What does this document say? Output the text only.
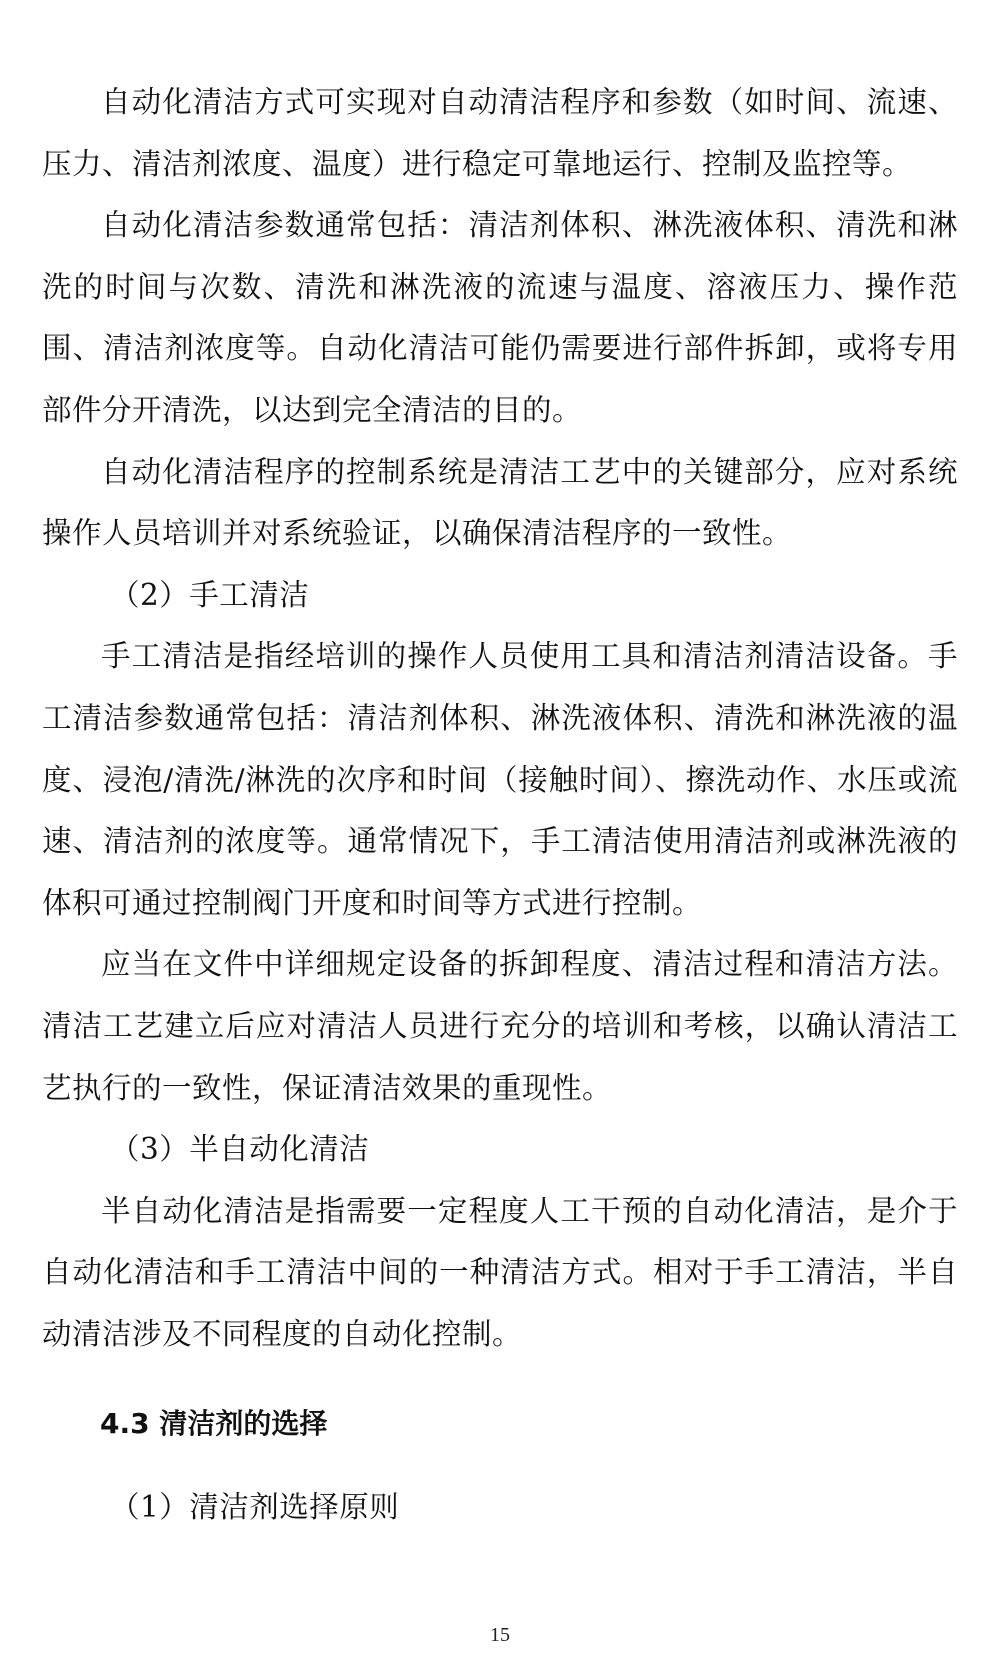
自动化清洁方式可实现对自动清洁程序和参数（如时间、流速、压力、清洁剂浓度、温度）进行稳定可靠地运行、控制及监控等。

自动化清洁参数通常包括：清洁剂体积、淋洗液体积、清洗和淋洗的时间与次数、清洗和淋洗液的流速与温度、溶液压力、操作范围、清洁剂浓度等。自动化清洁可能仍需要进行部件拆卸，或将专用部件分开清洗，以达到完全清洁的目的。

自动化清洁程序的控制系统是清洁工艺中的关键部分，应对系统操作人员培训并对系统验证，以确保清洁程序的一致性。

（2）手工清洁

手工清洁是指经培训的操作人员使用工具和清洁剂清洁设备。手工清洁参数通常包括：清洁剂体积、淋洗液体积、清洗和淋洗液的温度、浸泡/清洗/淋洗的次序和时间（接触时间）、擦洗动作、水压或流速、清洁剂的浓度等。通常情况下，手工清洁使用清洁剂或淋洗液的体积可通过控制阀门开度和时间等方式进行控制。

应当在文件中详细规定设备的拆卸程度、清洁过程和清洁方法。清洁工艺建立后应对清洁人员进行充分的培训和考核，以确认清洁工艺执行的一致性，保证清洁效果的重现性。

（3）半自动化清洁

半自动化清洁是指需要一定程度人工干预的自动化清洁，是介于自动化清洁和手工清洁中间的一种清洁方式。相对于手工清洁，半自动清洁涉及不同程度的自动化控制。

4.3 清洁剂的选择

（1）清洁剂选择原则

15
